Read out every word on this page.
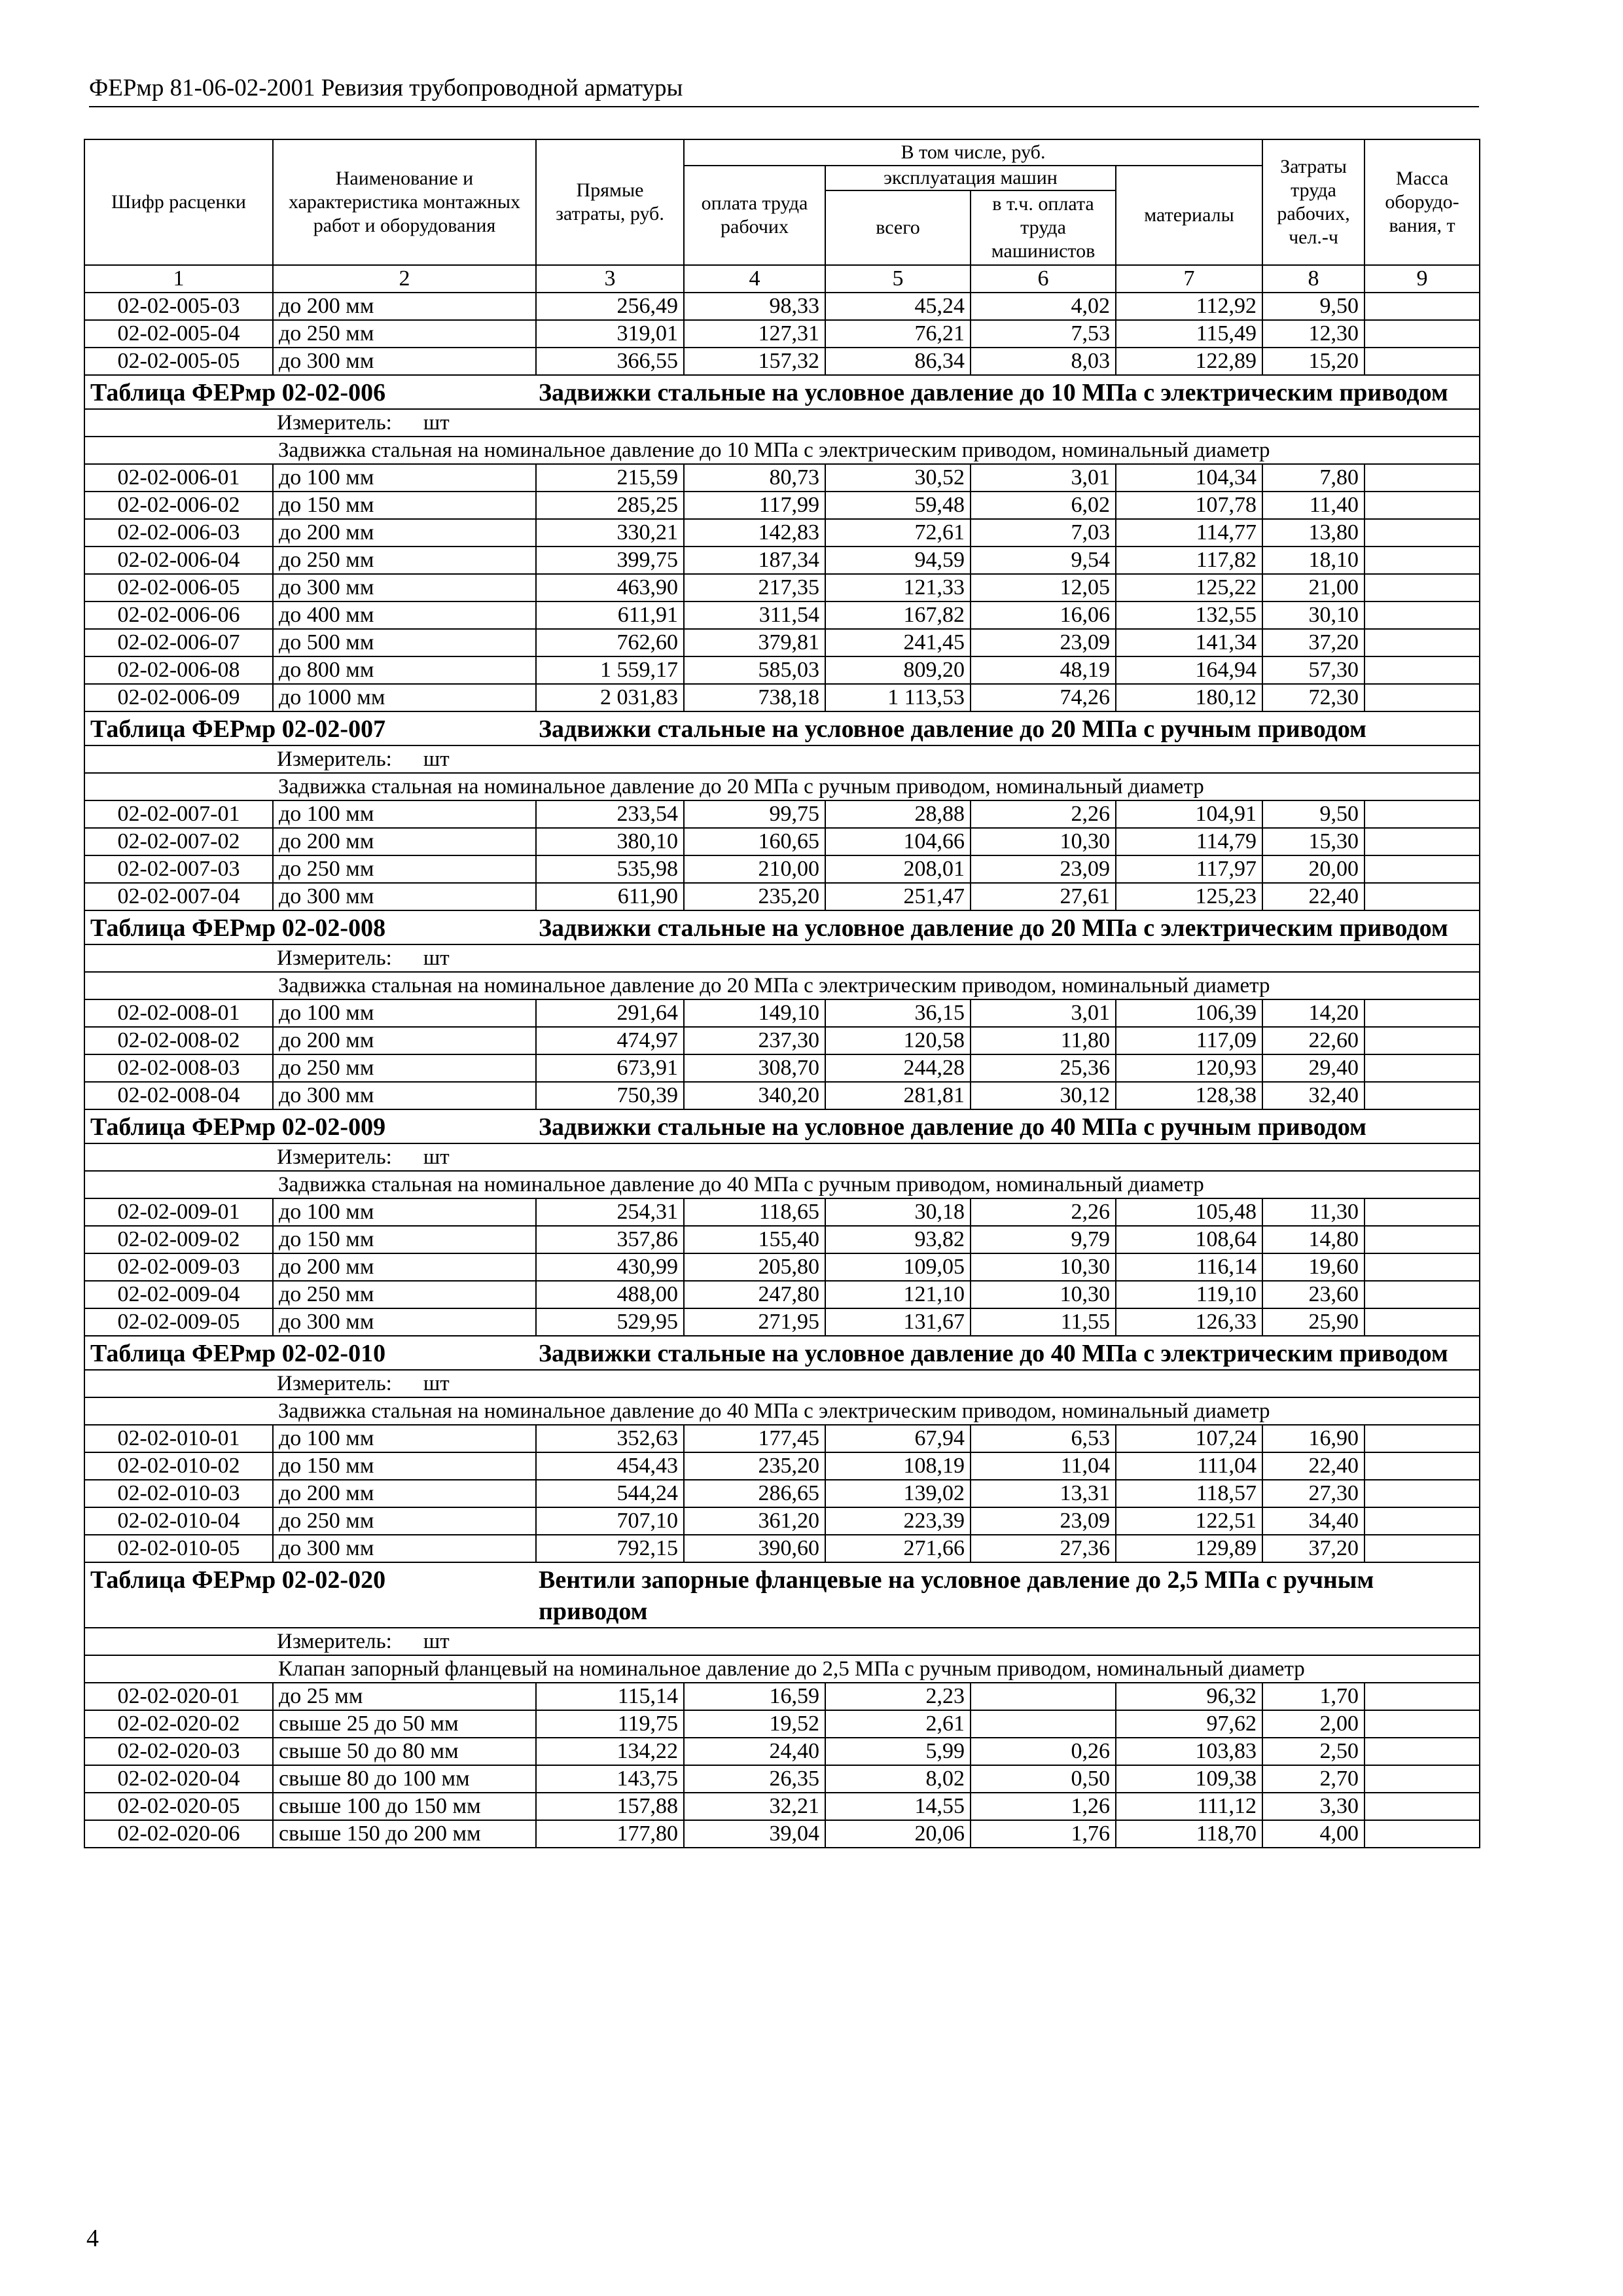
ФЕРмр 81-06-02-2001 Ревизия трубопроводной арматуры
Шифр расценки	Наименование и характеристика монтажных работ и оборудования	Прямые затраты, руб.	В том числе, руб.				Затраты труда рабочих, чел.-ч	Масса оборудо-вания, т
			оплата труда рабочих	эксплуатация машин		материалы		
				всего	в т.ч. оплата труда машинистов			
1	2	3	4	5	6	7	8	9
02-02-005-03	до 200 мм	256,49	98,33	45,24	4,02	112,92	9,50	
02-02-005-04	до 250 мм	319,01	127,31	76,21	7,53	115,49	12,30	
02-02-005-05	до 300 мм	366,55	157,32	86,34	8,03	122,89	15,20	
Таблица ФЕРмр 02-02-006		Задвижки стальные на условное давление до 10 МПа с электрическим приводом						
Измеритель: шт								
Задвижка стальная на номинальное давление до 10 МПа с электрическим приводом, номинальный диаметр								
02-02-006-01	до 100 мм	215,59	80,73	30,52	3,01	104,34	7,80	
02-02-006-02	до 150 мм	285,25	117,99	59,48	6,02	107,78	11,40	
02-02-006-03	до 200 мм	330,21	142,83	72,61	7,03	114,77	13,80	
02-02-006-04	до 250 мм	399,75	187,34	94,59	9,54	117,82	18,10	
02-02-006-05	до 300 мм	463,90	217,35	121,33	12,05	125,22	21,00	
02-02-006-06	до 400 мм	611,91	311,54	167,82	16,06	132,55	30,10	
02-02-006-07	до 500 мм	762,60	379,81	241,45	23,09	141,34	37,20	
02-02-006-08	до 800 мм	1 559,17	585,03	809,20	48,19	164,94	57,30	
02-02-006-09	до 1000 мм	2 031,83	738,18	1 113,53	74,26	180,12	72,30	
Таблица ФЕРмр 02-02-007		Задвижки стальные на условное давление до 20 МПа с ручным приводом						
Измеритель: шт								
Задвижка стальная на номинальное давление до 20 МПа с ручным приводом, номинальный диаметр								
02-02-007-01	до 100 мм	233,54	99,75	28,88	2,26	104,91	9,50	
02-02-007-02	до 200 мм	380,10	160,65	104,66	10,30	114,79	15,30	
02-02-007-03	до 250 мм	535,98	210,00	208,01	23,09	117,97	20,00	
02-02-007-04	до 300 мм	611,90	235,20	251,47	27,61	125,23	22,40	
Таблица ФЕРмр 02-02-008		Задвижки стальные на условное давление до 20 МПа с электрическим приводом						
Измеритель: шт								
Задвижка стальная на номинальное давление до 20 МПа с электрическим приводом, номинальный диаметр								
02-02-008-01	до 100 мм	291,64	149,10	36,15	3,01	106,39	14,20	
02-02-008-02	до 200 мм	474,97	237,30	120,58	11,80	117,09	22,60	
02-02-008-03	до 250 мм	673,91	308,70	244,28	25,36	120,93	29,40	
02-02-008-04	до 300 мм	750,39	340,20	281,81	30,12	128,38	32,40	
Таблица ФЕРмр 02-02-009		Задвижки стальные на условное давление до 40 МПа с ручным приводом						
Измеритель: шт								
Задвижка стальная на номинальное давление до 40 МПа с ручным приводом, номинальный диаметр								
02-02-009-01	до 100 мм	254,31	118,65	30,18	2,26	105,48	11,30	
02-02-009-02	до 150 мм	357,86	155,40	93,82	9,79	108,64	14,80	
02-02-009-03	до 200 мм	430,99	205,80	109,05	10,30	116,14	19,60	
02-02-009-04	до 250 мм	488,00	247,80	121,10	10,30	119,10	23,60	
02-02-009-05	до 300 мм	529,95	271,95	131,67	11,55	126,33	25,90	
Таблица ФЕРмр 02-02-010		Задвижки стальные на условное давление до 40 МПа с электрическим приводом						
Измеритель: шт								
Задвижка стальная на номинальное давление до 40 МПа с электрическим приводом, номинальный диаметр								
02-02-010-01	до 100 мм	352,63	177,45	67,94	6,53	107,24	16,90	
02-02-010-02	до 150 мм	454,43	235,20	108,19	11,04	111,04	22,40	
02-02-010-03	до 200 мм	544,24	286,65	139,02	13,31	118,57	27,30	
02-02-010-04	до 250 мм	707,10	361,20	223,39	23,09	122,51	34,40	
02-02-010-05	до 300 мм	792,15	390,60	271,66	27,36	129,89	37,20	
Таблица ФЕРмр 02-02-020		Вентили запорные фланцевые на условное давление до 2,5 МПа с ручным приводом						
Измеритель: шт								
Клапан запорный фланцевый на номинальное давление до 2,5 МПа с ручным приводом, номинальный диаметр								
02-02-020-01	до 25 мм	115,14	16,59	2,23		96,32	1,70	
02-02-020-02	свыше 25 до 50 мм	119,75	19,52	2,61		97,62	2,00	
02-02-020-03	свыше 50 до 80 мм	134,22	24,40	5,99	0,26	103,83	2,50	
02-02-020-04	свыше 80 до 100 мм	143,75	26,35	8,02	0,50	109,38	2,70	
02-02-020-05	свыше 100 до 150 мм	157,88	32,21	14,55	1,26	111,12	3,30	
02-02-020-06	свыше 150 до 200 мм	177,80	39,04	20,06	1,76	118,70	4,00	
4
